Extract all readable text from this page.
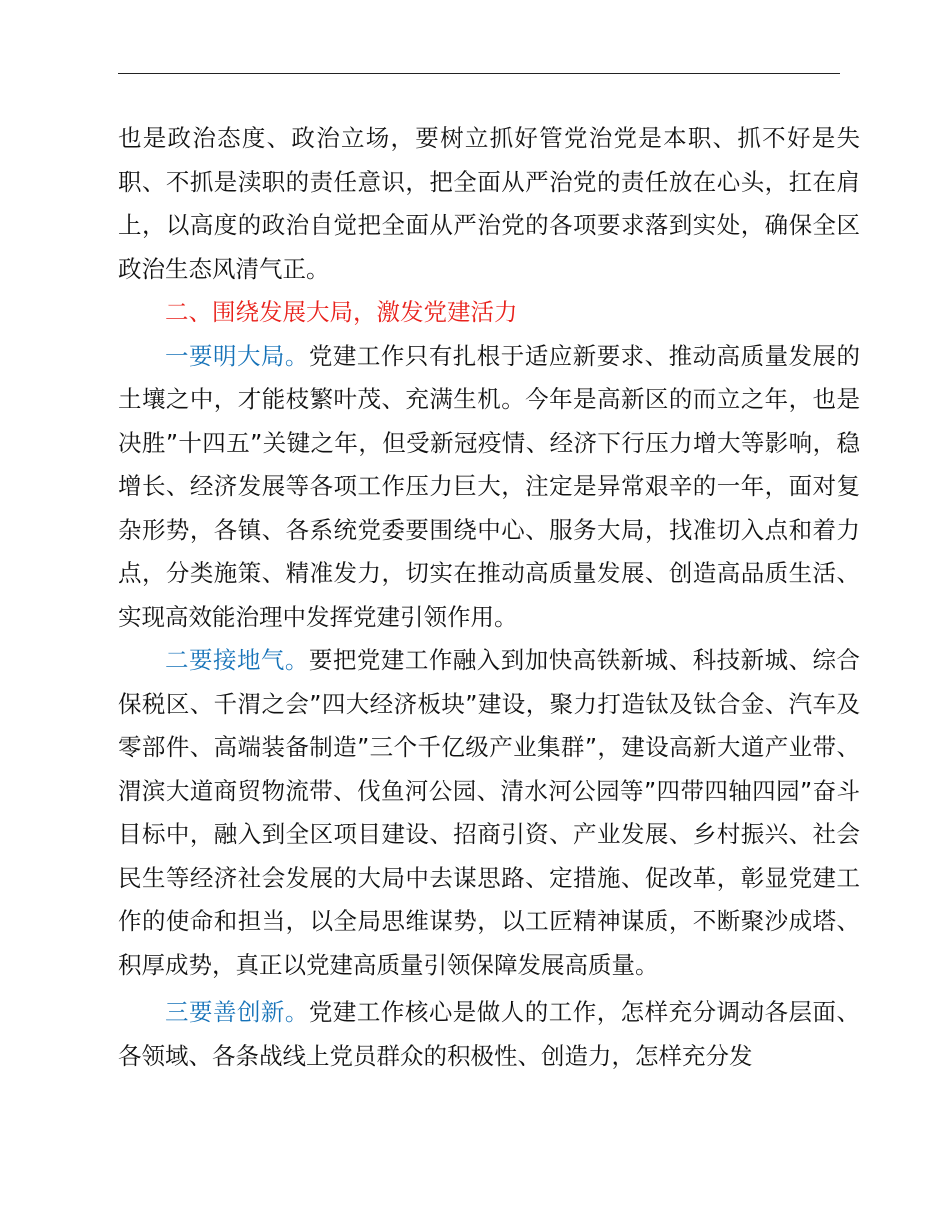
也是政治态度、政治立场，要树立抓好管党治党是本职、抓不好是失职、不抓是渎职的责任意识，把全面从严治党的责任放在心头，扛在肩上，以高度的政治自觉把全面从严治党的各项要求落到实处，确保全区政治生态风清气正。

二、围绕发展大局，激发党建活力

一要明大局。党建工作只有扎根于适应新要求、推动高质量发展的土壤之中，才能枝繁叶茂、充满生机。今年是高新区的而立之年，也是决胜”十四五”关键之年，但受新冠疫情、经济下行压力增大等影响，稳增长、经济发展等各项工作压力巨大，注定是异常艰辛的一年，面对复杂形势，各镇、各系统党委要围绕中心、服务大局，找准切入点和着力点，分类施策、精准发力，切实在推动高质量发展、创造高品质生活、实现高效能治理中发挥党建引领作用。

二要接地气。要把党建工作融入到加快高铁新城、科技新城、综合保税区、千渭之会”四大经济板块”建设，聚力打造钛及钛合金、汽车及零部件、高端装备制造”三个千亿级产业集群”，建设高新大道产业带、渭滨大道商贸物流带、伐鱼河公园、清水河公园等”四带四轴四园”奋斗目标中，融入到全区项目建设、招商引资、产业发展、乡村振兴、社会民生等经济社会发展的大局中去谋思路、定措施、促改革，彰显党建工作的使命和担当，以全局思维谋势，以工匠精神谋质，不断聚沙成塔、积厚成势，真正以党建高质量引领保障发展高质量。

三要善创新。党建工作核心是做人的工作，怎样充分调动各层面、各领域、各条战线上党员群众的积极性、创造力，怎样充分发
